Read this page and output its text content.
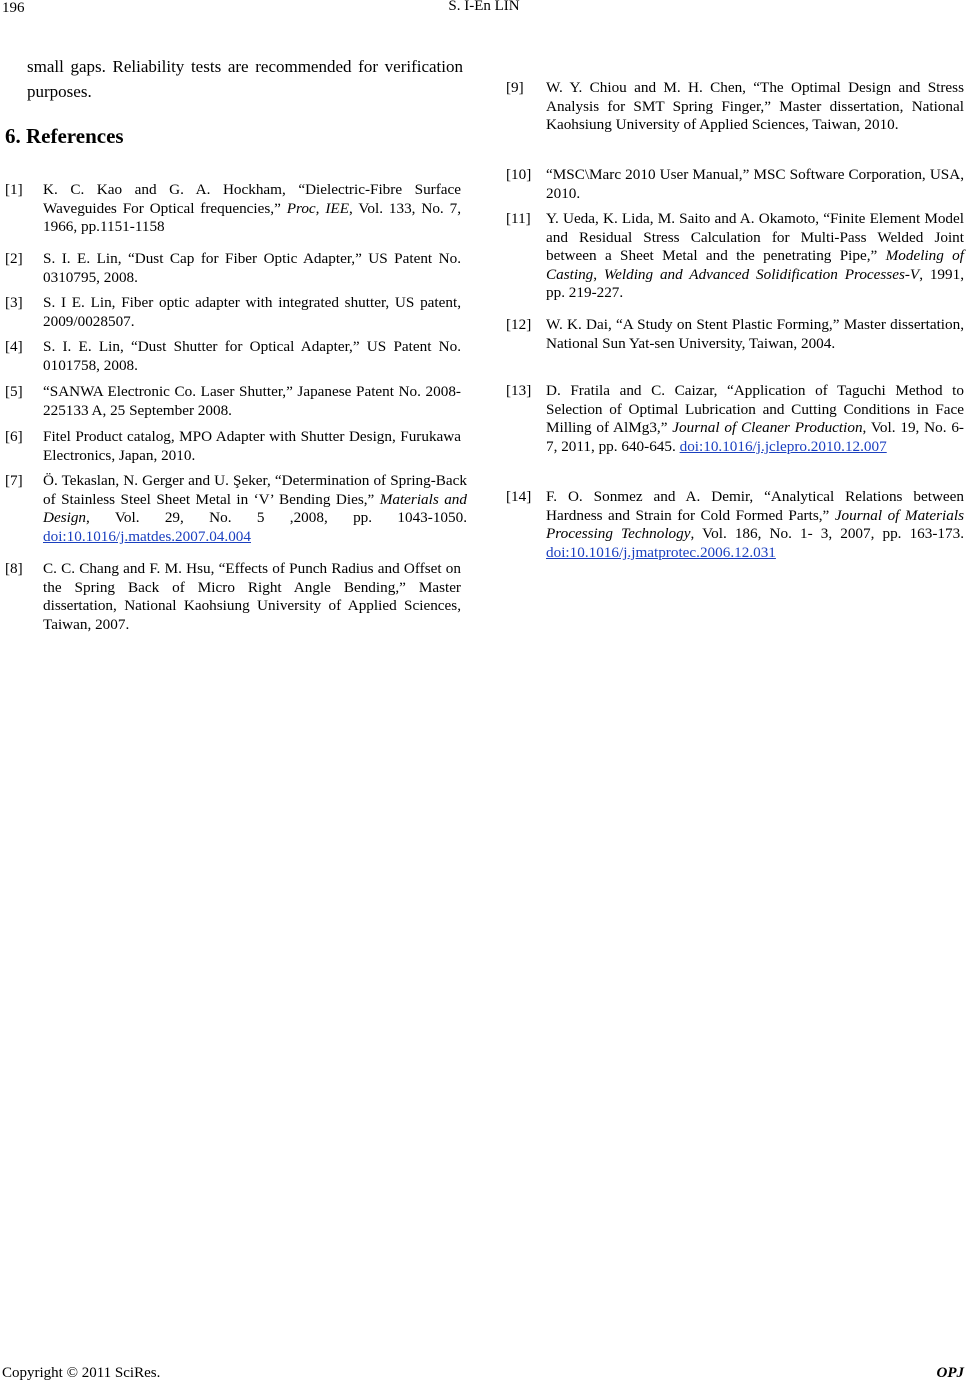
196	S. I-En LIN
small gaps. Reliability tests are recommended for verification purposes.
6. References
[1] K. C. Kao and G. A. Hockham, “Dielectric-Fibre Surface Waveguides For Optical frequencies,” Proc, IEE, Vol. 133, No. 7, 1966, pp.1151-1158
[2] S. I. E. Lin, “Dust Cap for Fiber Optic Adapter,” US Patent No. 0310795, 2008.
[3] S. I E. Lin, Fiber optic adapter with integrated shutter, US patent, 2009/0028507.
[4] S. I. E. Lin, “Dust Shutter for Optical Adapter,” US Patent No. 0101758, 2008.
[5] “SANWA Electronic Co. Laser Shutter,” Japanese Patent No. 2008-225133 A, 25 September 2008.
[6] Fitel Product catalog, MPO Adapter with Shutter Design, Furukawa Electronics, Japan, 2010.
[7] Ö. Tekaslan, N. Gerger and U. Şeker, “Determination of Spring-Back of Stainless Steel Sheet Metal in ‘V’ Bending Dies,” Materials and Design, Vol. 29, No. 5 ,2008, pp. 1043-1050. doi:10.1016/j.matdes.2007.04.004
[8] C. C. Chang and F. M. Hsu, “Effects of Punch Radius and Offset on the Spring Back of Micro Right Angle Bending,” Master dissertation, National Kaohsiung University of Applied Sciences, Taiwan, 2007.
[9] W. Y. Chiou and M. H. Chen, “The Optimal Design and Stress Analysis for SMT Spring Finger,” Master dissertation, National Kaohsiung University of Applied Sciences, Taiwan, 2010.
[10] “MSC\Marc 2010 User Manual,” MSC Software Corporation, USA, 2010.
[11] Y. Ueda, K. Lida, M. Saito and A. Okamoto, “Finite Element Model and Residual Stress Calculation for Multi-Pass Welded Joint between a Sheet Metal and the penetrating Pipe,” Modeling of Casting, Welding and Advanced Solidification Processes-V, 1991, pp. 219-227.
[12] W. K. Dai, “A Study on Stent Plastic Forming,” Master dissertation, National Sun Yat-sen University, Taiwan, 2004.
[13] D. Fratila and C. Caizar, “Application of Taguchi Method to Selection of Optimal Lubrication and Cutting Conditions in Face Milling of AlMg3,” Journal of Cleaner Production, Vol. 19, No. 6-7, 2011, pp. 640-645. doi:10.1016/j.jclepro.2010.12.007
[14] F. O. Sonmez and A. Demir, “Analytical Relations between Hardness and Strain for Cold Formed Parts,” Journal of Materials Processing Technology, Vol. 186, No. 1- 3, 2007, pp. 163-173. doi:10.1016/j.jmatprotec.2006.12.031
Copyright © 2011 SciRes.	OPJ
